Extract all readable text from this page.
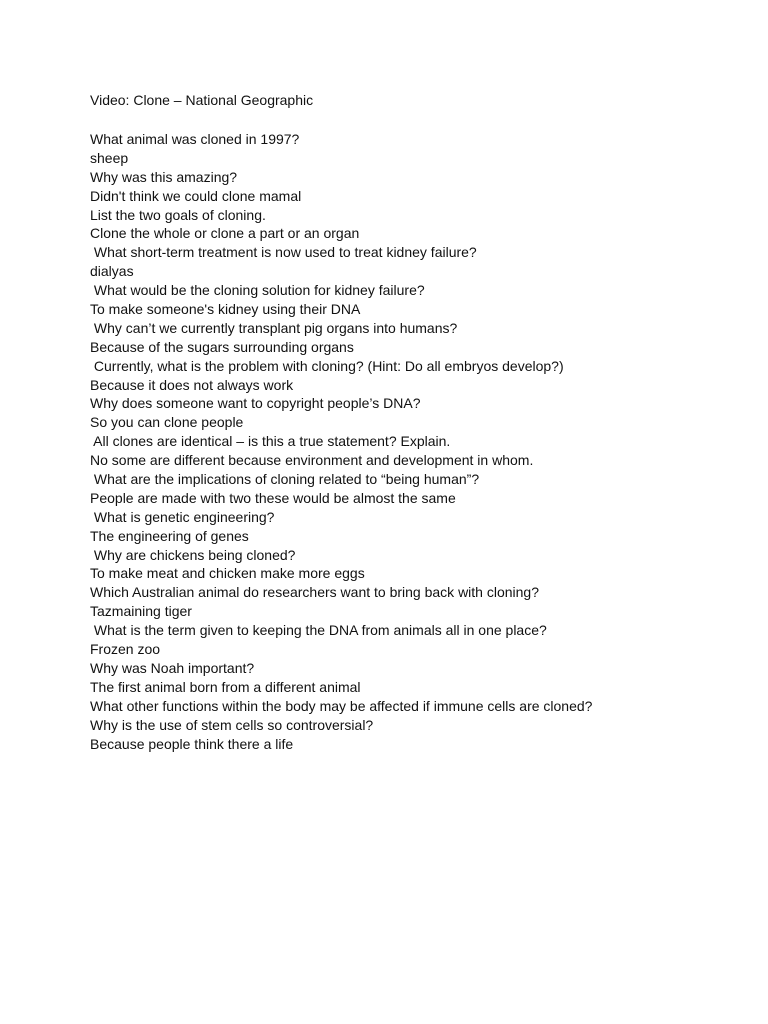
Video: Clone – National Geographic
What animal was cloned in 1997?
sheep
Why was this amazing?
Didn't think we could clone mamal
List the two goals of cloning.
Clone the whole or clone a part or an organ
What short-term treatment is now used to treat kidney failure?
dialyas
What would be the cloning solution for kidney failure?
To make someone's kidney using their DNA
Why can’t we currently transplant pig organs into humans?
Because of the sugars surrounding organs
Currently, what is the problem with cloning? (Hint: Do all embryos develop?)
Because it does not always work
Why does someone want to copyright people’s DNA?
So you can clone people
All clones are identical – is this a true statement? Explain.
No some are different because environment and development in whom.
What are the implications of cloning related to “being human”?
People are made with two these would be almost the same
What is genetic engineering?
The engineering of genes
Why are chickens being cloned?
To make meat and chicken make more eggs
Which Australian animal do researchers want to bring back with cloning?
Tazmaining tiger
What is the term given to keeping the DNA from animals all in one place?
Frozen zoo
Why was Noah important?
The first animal born from a different animal
What other functions within the body may be affected if immune cells are cloned?
Why is the use of stem cells so controversial?
Because people think there a life
